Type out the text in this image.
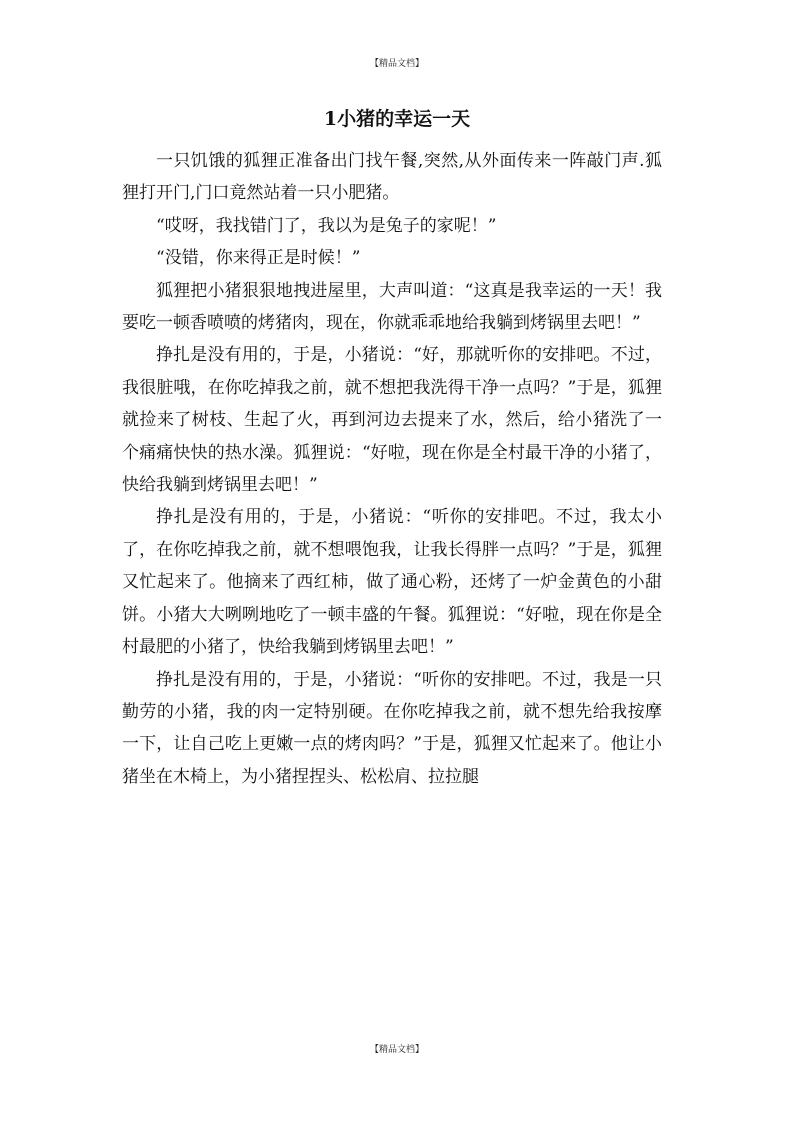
【精品文档】
1小猪的幸运一天

一只饥饿的狐狸正准备出门找午餐,突然,从外面传来一阵敲门声.狐狸打开门,门口竟然站着一只小肥猪。

“哎呀，我找错门了，我以为是兔子的家呢！”

“没错，你来得正是时候！”

狐狸把小猪狠狠地拽进屋里，大声叫道：“这真是我幸运的一天！我要吃一顿香喷喷的烤猪肉，现在，你就乖乖地给我躺到烤锅里去吧！”

挣扎是没有用的，于是，小猪说：“好，那就听你的安排吧。不过，我很脏哦，在你吃掉我之前，就不想把我洗得干净一点吗？”于是，狐狸就捡来了树枝、生起了火，再到河边去提来了水，然后，给小猪洗了一个痛痛快快的热水澡。狐狸说：“好啦，现在你是全村最干净的小猪了，快给我躺到烤锅里去吧！”

挣扎是没有用的，于是，小猪说：“听你的安排吧。不过，我太小了，在你吃掉我之前，就不想喂饱我，让我长得胖一点吗？”于是，狐狸又忙起来了。他摘来了西红柿，做了通心粉，还烤了一炉金黄色的小甜饼。小猪大大咧咧地吃了一顿丰盛的午餐。狐狸说：“好啦，现在你是全村最肥的小猪了，快给我躺到烤锅里去吧！”

挣扎是没有用的，于是，小猪说：“听你的安排吧。不过，我是一只勤劳的小猪，我的肉一定特别硬。在你吃掉我之前，就不想先给我按摩一下，让自己吃上更嫩一点的烤肉吗？”于是，狐狸又忙起来了。他让小猪坐在木椅上，为小猪捏捏头、松松肩、拉拉腿

【精品文档】
